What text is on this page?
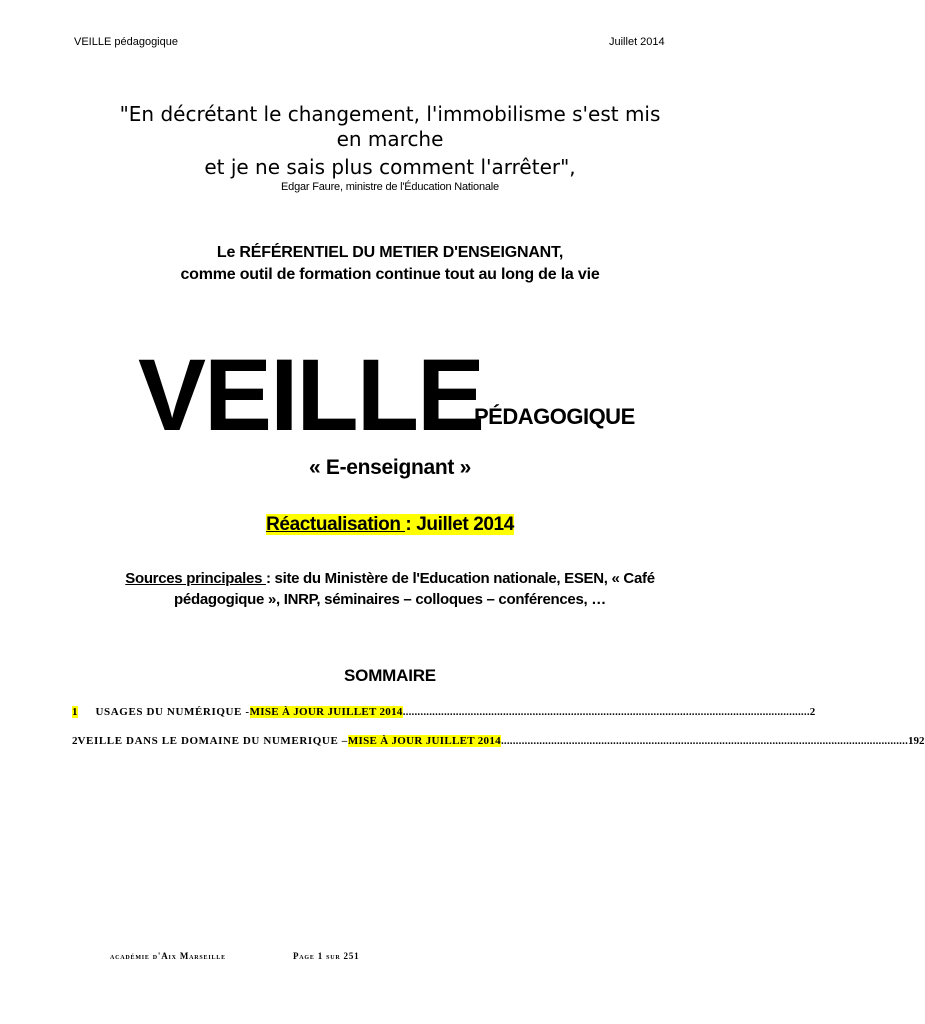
VEILLE pédagogique	Juillet 2014
"En décrétant le changement, l'immobilisme s'est mis
en marche
et je ne sais plus comment l'arrêter",
Edgar Faure, ministre de l'Éducation Nationale
Le RÉFÉRENTIEL DU METIER D'ENSEIGNANT,
comme outil de formation continue tout au long de la vie
VEILLE
PÉDAGOGIQUE
« E-enseignant »
Réactualisation : Juillet 2014
Sources principales : site du Ministère de l'Education nationale, ESEN, « Café
pédagogique », INRP, séminaires – colloques – conférences, …
SOMMAIRE
1 USAGES DU NUMÉRIQUE - MISE À JOUR JUILLET 2014 .......................................................................................................................................... 2
2 VEILLE DANS LE DOMAINE DU NUMERIQUE – MISE À JOUR JUILLET 2014 .......................................................................................................................................... 192
académie d'Aix Marseille	Page 1 sur 251
